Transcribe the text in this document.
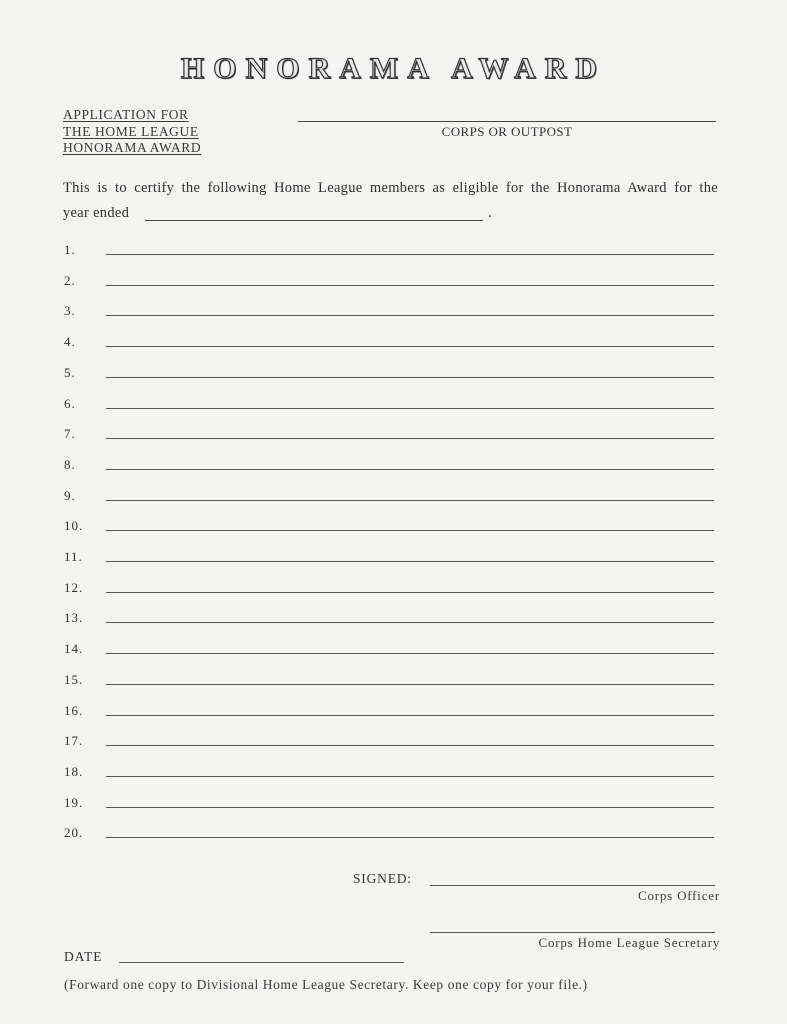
HONORAMA AWARD
APPLICATION FOR
THE HOME LEAGUE
HONORAMA AWARD
CORPS OR OUTPOST
This is to certify the following Home League members as eligible for the Honorama Award for the
year ended	.
1.
2.
3.
4.
5.
6.
7.
8.
9.
10.
11.
12.
13.
14.
15.
16.
17.
18.
19.
20.
SIGNED:
Corps Officer
Corps Home League Secretary
DATE
(Forward one copy to Divisional Home League Secretary. Keep one copy for your file.)
